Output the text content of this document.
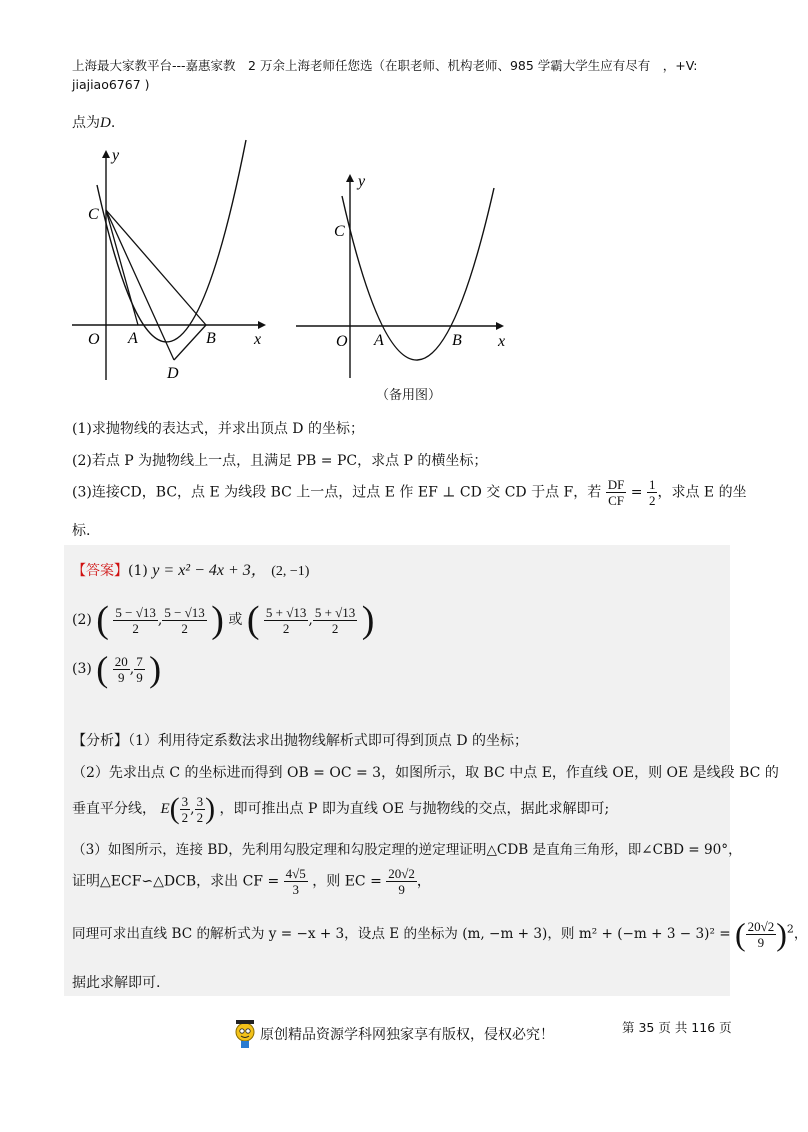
上海最大家教平台---嘉惠家教　2 万余上海老师任您选（在职老师、机构老师、985 学霸大学生应有尽有　，+V:
jiajiao6767 )
点为D.
y
x
O A	B
C
D
y
x
O A	B
C
（备用图）
(1)求抛物线的表达式，并求出顶点 D 的坐标；
(2)若点 P 为抛物线上一点，且满足 PB = PC，求点 P 的横坐标；
(3)连接CD，BC，点 E 为线段 BC 上一点，过点 E 作 EF ⊥ CD 交 CD 于点 F，若 $\frac{DF}{CF} = \frac{1}{2}$ ，求点 E 的坐
标.
【答案】(1) y = x² − 4x + 3， (2, −1)
(2) ( $\frac{5 - √13}{2}$ , $\frac{5 - √13}{2}$ ) 或 ( $\frac{5 + √13}{2}$ , $\frac{5 + √13}{2}$ )
(3) ( $\frac{20}{9}$ , $\frac{7}{9}$ )
【分析】（1）利用待定系数法求出抛物线解析式即可得到顶点 D 的坐标；
（2）先求出点 C 的坐标进而得到 OB = OC = 3，如图所示，取 BC 中点 E，作直线 OE，则 OE 是线段 BC 的
垂直平分线， $E( \frac{3}{2}$ , $\frac{3}{2}$ ) ，即可推出点 P 即为直线 OE 与抛物线的交点，据此求解即可;
（3）如图所示，连接 BD，先利用勾股定理和勾股定理的逆定理证明△CDB 是直角三角形，即∠CBD = 90°，
证明△ECF∽△DCB，求出 CF = $\frac{4√5}{3}$ ，则 EC = $\frac{20√2}{9}$ ，
同理可求出直线 BC 的解析式为 y = −x + 3，设点 E 的坐标为 (m, −m + 3)，则 m² + (−m + 3 − 3)² = ( $\frac{20√2}{9} )^2$，
据此求解即可.
原创精品资源学科网独家享有版权，侵权必究！	第 35 页 共 116 页
